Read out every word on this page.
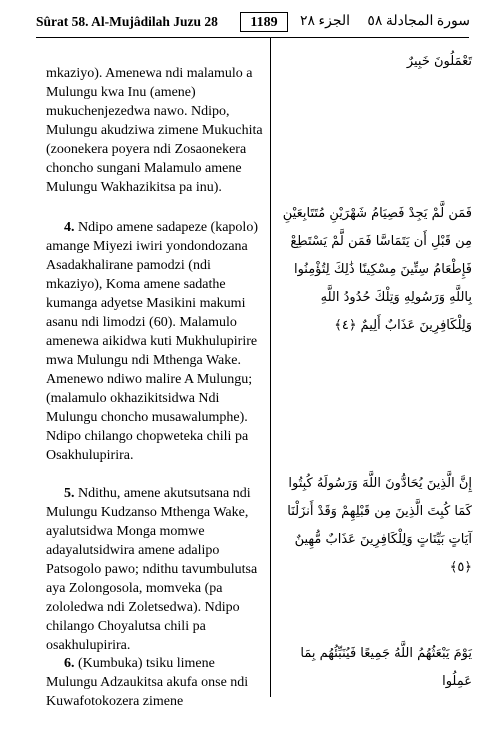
Sûrat 58. Al-Mujâdilah Juzu 28	1189	الجزء ٢٨ سورة المجادلة ٥٨

mkaziyo). Amenewa ndi malamulo a Mulungu kwa Inu (amene) mukuchenjezedwa nawo. Ndipo, Mulungu akudziwa zimene Mukuchita (zoonekera poyera ndi Zosaonekera choncho sungani Malamulo amene Mulungu Wakhazikitsa pa inu).

4. Ndipo amene sadapeze (kapolo) amange Miyezi iwiri yondondozana Asadakhalirane pamodzi (ndi mkaziyo), Koma amene sadathe kumanga adyetse Masikini makumi asanu ndi limodzi (60). Malamulo amenewa aikidwa kuti Mukhulupirire mwa Mulungu ndi Mthenga Wake. Amenewo ndiwo malire A Mulungu; (malamulo okhazikitsidwa Ndi Mulungu choncho musawalumphe). Ndipo chilango chopweteka chili pa Osakhulupirira.

5. Ndithu, amene akutsutsana ndi Mulungu Kudzanso Mthenga Wake, ayalutsidwa Monga momwe adayalutsidwira amene adalipo Patsogolo pawo; ndithu tavumbulutsa aya Zolongosola, momveka (pa zololedwa ndi Zoletsedwa). Ndipo chilango Choyalutsa chili pa osakhulupirira.

6. (Kumbuka) tsiku limene Mulungu Adzaukitsa akufa onse ndi Kuwafotokozera zimene

تَعْمَلُونَ خَبِيرٌ

فَمَن لَّمْ يَجِدْ فَصِيَامُ شَهْرَيْنِ مُتَتَابِعَيْنِ مِن قَبْلِ أَن يَتَمَاسَّا فَمَن لَّمْ يَسْتَطِعْ فَإِطْعَامُ سِتِّينَ مِسْكِينًا ذَٰلِكَ لِتُؤْمِنُوا بِاللَّهِ وَرَسُولِهِ وَتِلْكَ حُدُودُ اللَّهِ وَلِلْكَافِرِينَ عَذَابٌ أَلِيمٌ ﴿٤﴾

إِنَّ الَّذِينَ يُحَادُّونَ اللَّهَ وَرَسُولَهُ كُبِتُوا كَمَا كُبِتَ الَّذِينَ مِن قَبْلِهِمْ وَقَدْ أَنزَلْنَا آيَاتٍ بَيِّنَاتٍ وَلِلْكَافِرِينَ عَذَابٌ مُّهِينٌ ﴿٥﴾

يَوْمَ يَبْعَثُهُمُ اللَّهُ جَمِيعًا فَيُنَبِّئُهُم بِمَا عَمِلُوا
